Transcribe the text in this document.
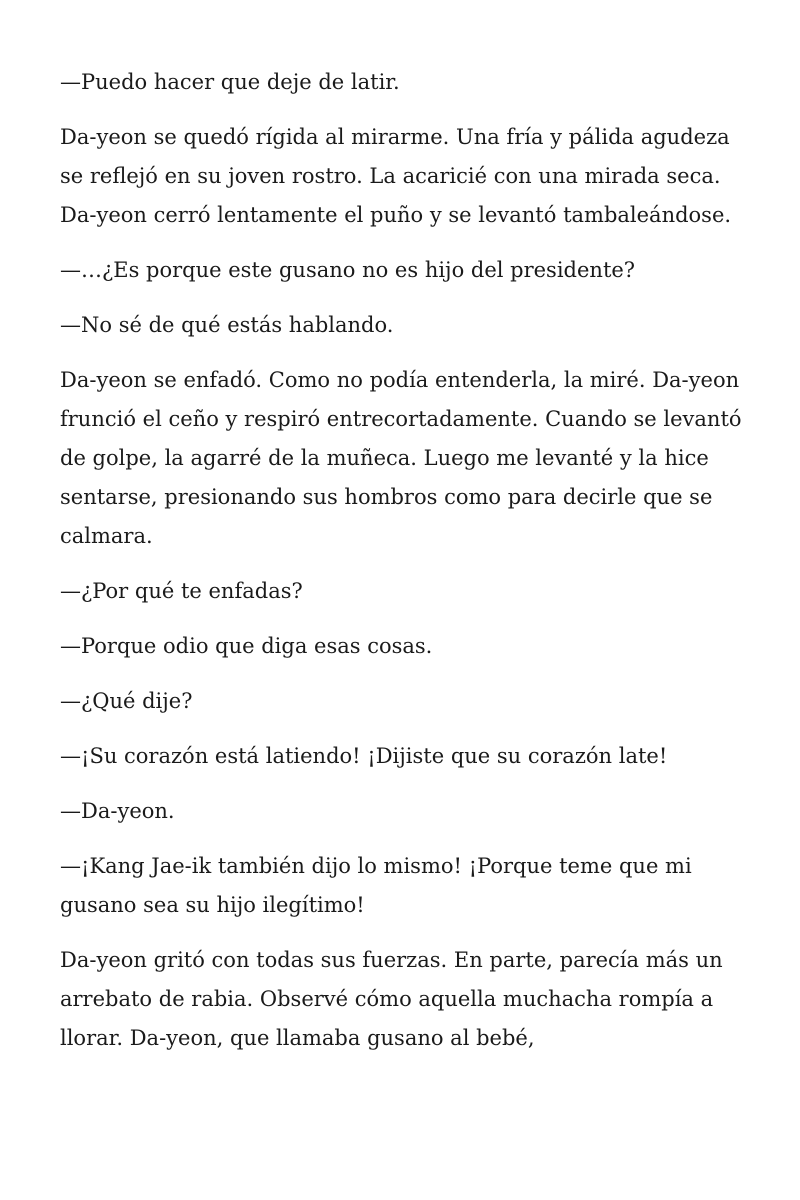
—Puedo hacer que deje de latir.

Da-yeon se quedó rígida al mirarme. Una fría y pálida agudeza se reflejó en su joven rostro. La acaricié con una mirada seca. Da-yeon cerró lentamente el puño y se levantó tambaleándose.

—…¿Es porque este gusano no es hijo del presidente?

—No sé de qué estás hablando.

Da-yeon se enfadó. Como no podía entenderla, la miré. Da-yeon frunció el ceño y respiró entrecortadamente. Cuando se levantó de golpe, la agarré de la muñeca. Luego me levanté y la hice sentarse, presionando sus hombros como para decirle que se calmara.

—¿Por qué te enfadas?

—Porque odio que diga esas cosas.

—¿Qué dije?

—¡Su corazón está latiendo! ¡Dijiste que su corazón late!

—Da-yeon.

—¡Kang Jae-ik también dijo lo mismo! ¡Porque teme que mi gusano sea su hijo ilegítimo!

Da-yeon gritó con todas sus fuerzas. En parte, parecía más un arrebato de rabia. Observé cómo aquella muchacha rompía a llorar. Da-yeon, que llamaba gusano al bebé,
